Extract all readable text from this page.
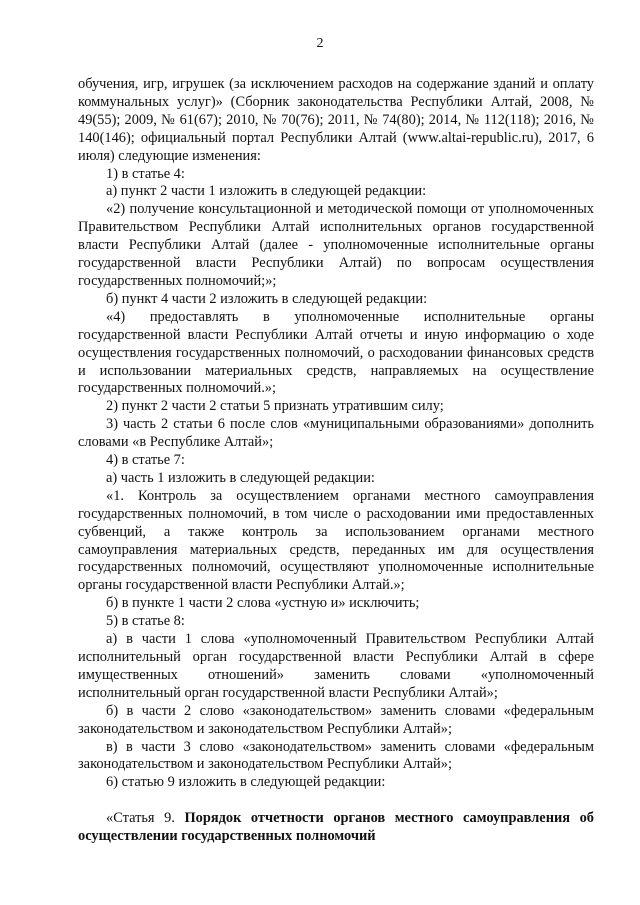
2

обучения, игр, игрушек (за исключением расходов на содержание зданий и оплату коммунальных услуг)» (Сборник законодательства Республики Алтай, 2008, № 49(55); 2009, № 61(67); 2010, № 70(76); 2011, № 74(80); 2014, № 112(118); 2016, № 140(146); официальный портал Республики Алтай (www.altai-republic.ru), 2017, 6 июля) следующие изменения:

1) в статье 4:

а) пункт 2 части 1 изложить в следующей редакции:

«2) получение консультационной и методической помощи от уполномоченных Правительством Республики Алтай исполнительных органов государственной власти Республики Алтай (далее - уполномоченные исполнительные органы государственной власти Республики Алтай) по вопросам осуществления государственных полномочий;»;

б) пункт 4 части 2 изложить в следующей редакции:

«4) предоставлять в уполномоченные исполнительные органы государственной власти Республики Алтай отчеты и иную информацию о ходе осуществления государственных полномочий, о расходовании финансовых средств и использовании материальных средств, направляемых на осуществление государственных полномочий.»;

2) пункт 2 части 2 статьи 5 признать утратившим силу;

3) часть 2 статьи 6 после слов «муниципальными образованиями» дополнить словами «в Республике Алтай»;

4) в статье 7:

а) часть 1 изложить в следующей редакции:

«1. Контроль за осуществлением органами местного самоуправления государственных полномочий, в том числе о расходовании ими предоставленных субвенций, а также контроль за использованием органами местного самоуправления материальных средств, переданных им для осуществления государственных полномочий, осуществляют уполномоченные исполнительные органы государственной власти Республики Алтай.»;

б) в пункте 1 части 2 слова «устную и» исключить;

5) в статье 8:

а) в части 1 слова «уполномоченный Правительством Республики Алтай исполнительный орган государственной власти Республики Алтай в сфере имущественных отношений» заменить словами «уполномоченный исполнительный орган государственной власти Республики Алтай»;

б) в части 2 слово «законодательством» заменить словами «федеральным законодательством и законодательством Республики Алтай»;

в) в части 3 слово «законодательством» заменить словами «федеральным законодательством и законодательством Республики Алтай»;

6) статью 9 изложить в следующей редакции:

«Статья 9. Порядок отчетности органов местного самоуправления об осуществлении государственных полномочий
